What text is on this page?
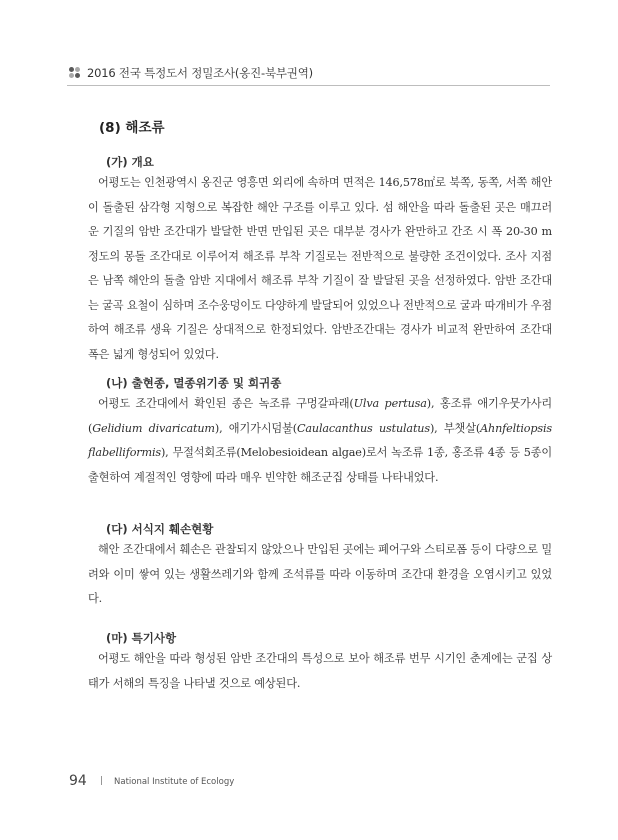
2016 전국 특정도서 정밀조사(옹진-북부권역)
(8) 해조류
(가) 개요

어평도는 인천광역시 옹진군 영흥면 외리에 속하며 면적은 146,578㎡로 북쪽, 동쪽, 서쪽 해안이 돌출된 삼각형 지형으로 복잡한 해안 구조를 이루고 있다. 섬 해안을 따라 돌출된 곳은 매끄러운 기질의 암반 조간대가 발달한 반면 만입된 곳은 대부분 경사가 완만하고 간조 시 폭 20-30 m 정도의 몽돌 조간대로 이루어져 해조류 부착 기질로는 전반적으로 불량한 조건이었다. 조사 지점은 남쪽 해안의 돌출 암반 지대에서 해조류 부착 기질이 잘 발달된 곳을 선정하였다. 암반 조간대는 굴곡 요철이 심하며 조수웅덩이도 다양하게 발달되어 있었으나 전반적으로 굴과 따개비가 우점하여 해조류 생육 기질은 상대적으로 한정되었다. 암반조간대는 경사가 비교적 완만하여 조간대 폭은 넓게 형성되어 있었다.

(나) 출현종, 멸종위기종 및 희귀종

어평도 조간대에서 확인된 종은 녹조류 구멍갈파래(Ulva pertusa), 홍조류 애기우뭇가사리(Gelidium divaricatum), 애기가시덤불(Caulacanthus ustulatus), 부챗살(Ahnfeltiopsis flabelliformis), 무절석회조류(Melobesioidean algae)로서 녹조류 1종, 홍조류 4종 등 5종이 출현하여 계절적인 영향에 따라 매우 빈약한 해조군집 상태를 나타내었다.

(다) 서식지 훼손현황

해안 조간대에서 훼손은 관찰되지 않았으나 만입된 곳에는 폐어구와 스티로폼 등이 다량으로 밀려와 이미 쌓여 있는 생활쓰레기와 함께 조석류를 따라 이동하며 조간대 환경을 오염시키고 있었다.

(마) 특기사항

어평도 해안을 따라 형성된 암반 조간대의 특성으로 보아 해조류 번무 시기인 춘계에는 군집 상태가 서해의 특징을 나타낼 것으로 예상된다.

94 | National Institute of Ecology
